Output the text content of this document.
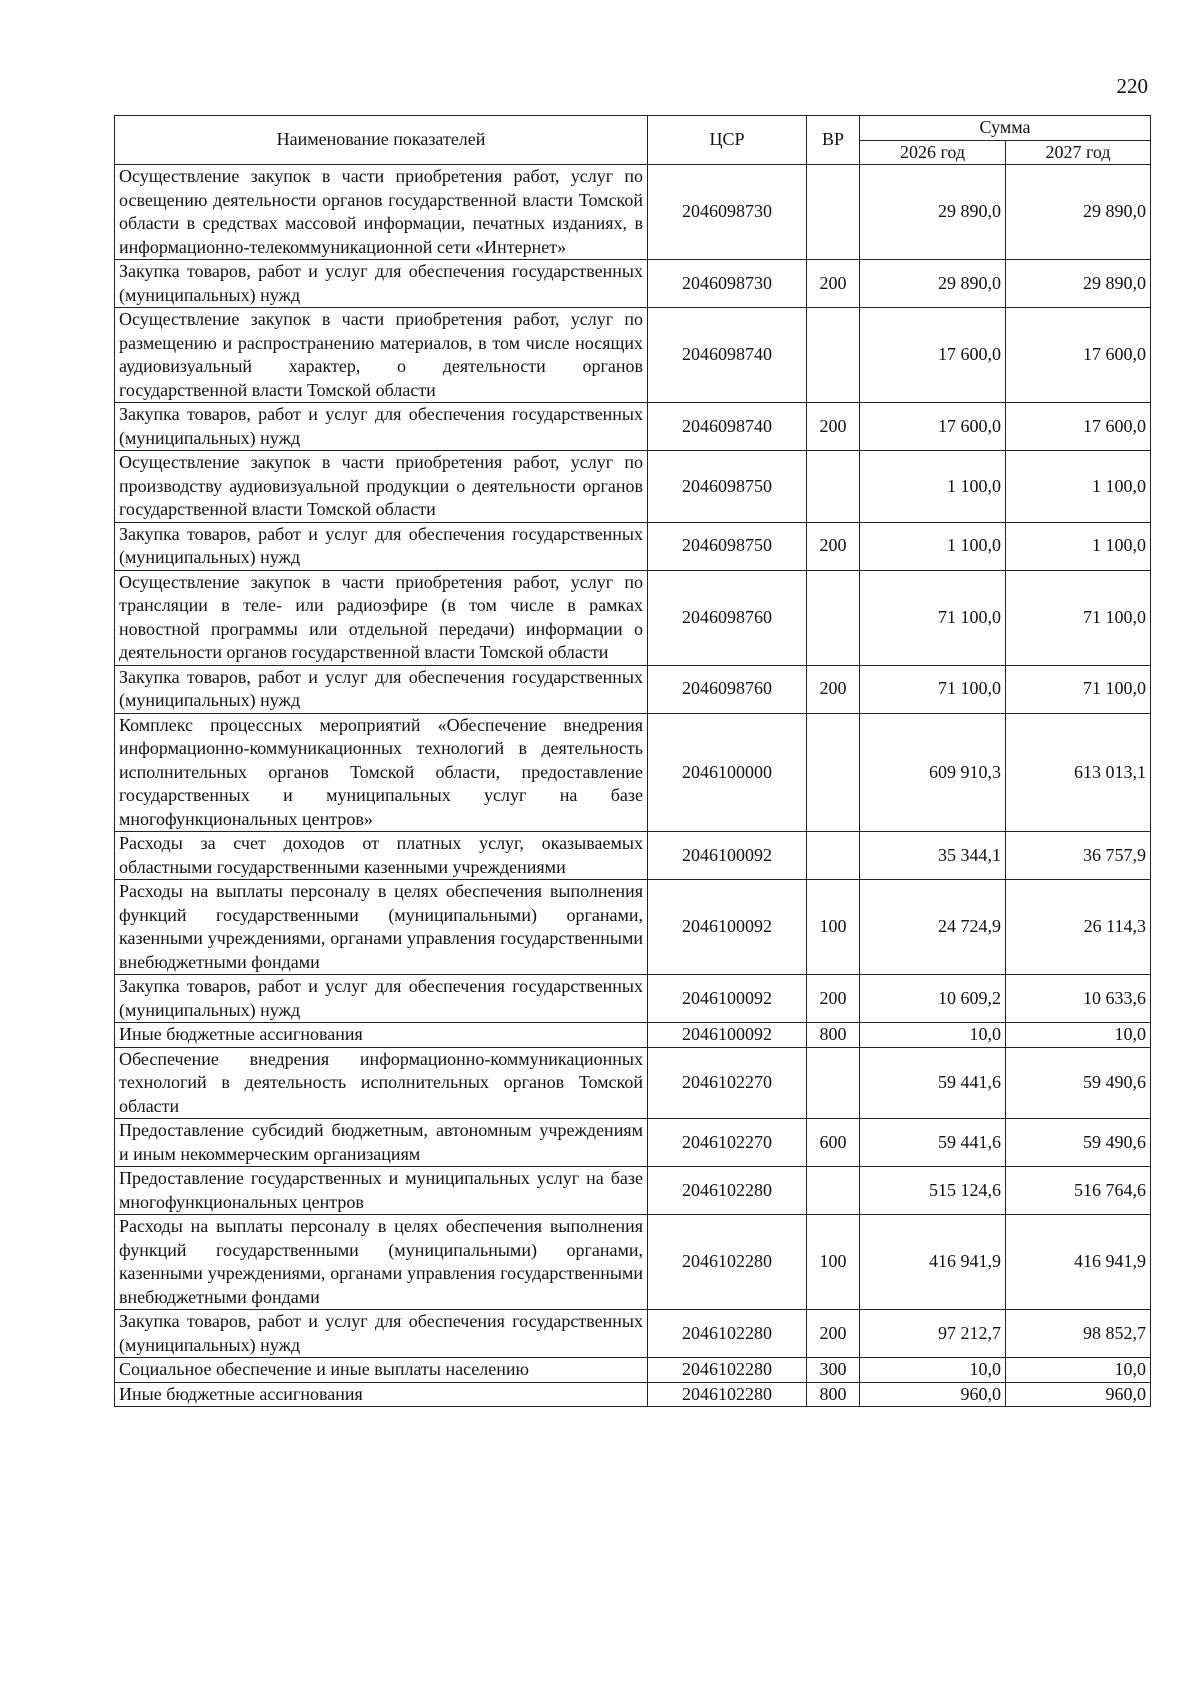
220
Наименование показателей	ЦСР	ВР	Сумма	
			2026 год	2027 год
Осуществление закупок в части приобретения работ, услуг по освещению деятельности органов государственной власти Томской области в средствах массовой информации, печатных изданиях, в информационно-телекоммуникационной сети «Интернет»	2046098730		29 890,0	29 890,0
Закупка товаров, работ и услуг для обеспечения государственных (муниципальных) нужд	2046098730	200	29 890,0	29 890,0
Осуществление закупок в части приобретения работ, услуг по размещению и распространению материалов, в том числе носящих аудиовизуальный характер, о деятельности органов государственной власти Томской области	2046098740		17 600,0	17 600,0
Закупка товаров, работ и услуг для обеспечения государственных (муниципальных) нужд	2046098740	200	17 600,0	17 600,0
Осуществление закупок в части приобретения работ, услуг по производству аудиовизуальной продукции о деятельности органов государственной власти Томской области	2046098750		1 100,0	1 100,0
Закупка товаров, работ и услуг для обеспечения государственных (муниципальных) нужд	2046098750	200	1 100,0	1 100,0
Осуществление закупок в части приобретения работ, услуг по трансляции в теле- или радиоэфире (в том числе в рамках новостной программы или отдельной передачи) информации о деятельности органов государственной власти Томской области	2046098760		71 100,0	71 100,0
Закупка товаров, работ и услуг для обеспечения государственных (муниципальных) нужд	2046098760	200	71 100,0	71 100,0
Комплекс процессных мероприятий «Обеспечение внедрения информационно-коммуникационных технологий в деятельность исполнительных органов Томской области, предоставление государственных и муниципальных услуг на базе многофункциональных центров»	2046100000		609 910,3	613 013,1
Расходы за счет доходов от платных услуг, оказываемых областными государственными казенными учреждениями	2046100092		35 344,1	36 757,9
Расходы на выплаты персоналу в целях обеспечения выполнения функций государственными (муниципальными) органами, казенными учреждениями, органами управления государственными внебюджетными фондами	2046100092	100	24 724,9	26 114,3
Закупка товаров, работ и услуг для обеспечения государственных (муниципальных) нужд	2046100092	200	10 609,2	10 633,6
Иные бюджетные ассигнования	2046100092	800	10,0	10,0
Обеспечение внедрения информационно-коммуникационных технологий в деятельность исполнительных органов Томской области	2046102270		59 441,6	59 490,6
Предоставление субсидий бюджетным, автономным учреждениям и иным некоммерческим организациям	2046102270	600	59 441,6	59 490,6
Предоставление государственных и муниципальных услуг на базе многофункциональных центров	2046102280		515 124,6	516 764,6
Расходы на выплаты персоналу в целях обеспечения выполнения функций государственными (муниципальными) органами, казенными учреждениями, органами управления государственными внебюджетными фондами	2046102280	100	416 941,9	416 941,9
Закупка товаров, работ и услуг для обеспечения государственных (муниципальных) нужд	2046102280	200	97 212,7	98 852,7
Социальное обеспечение и иные выплаты населению	2046102280	300	10,0	10,0
Иные бюджетные ассигнования	2046102280	800	960,0	960,0
